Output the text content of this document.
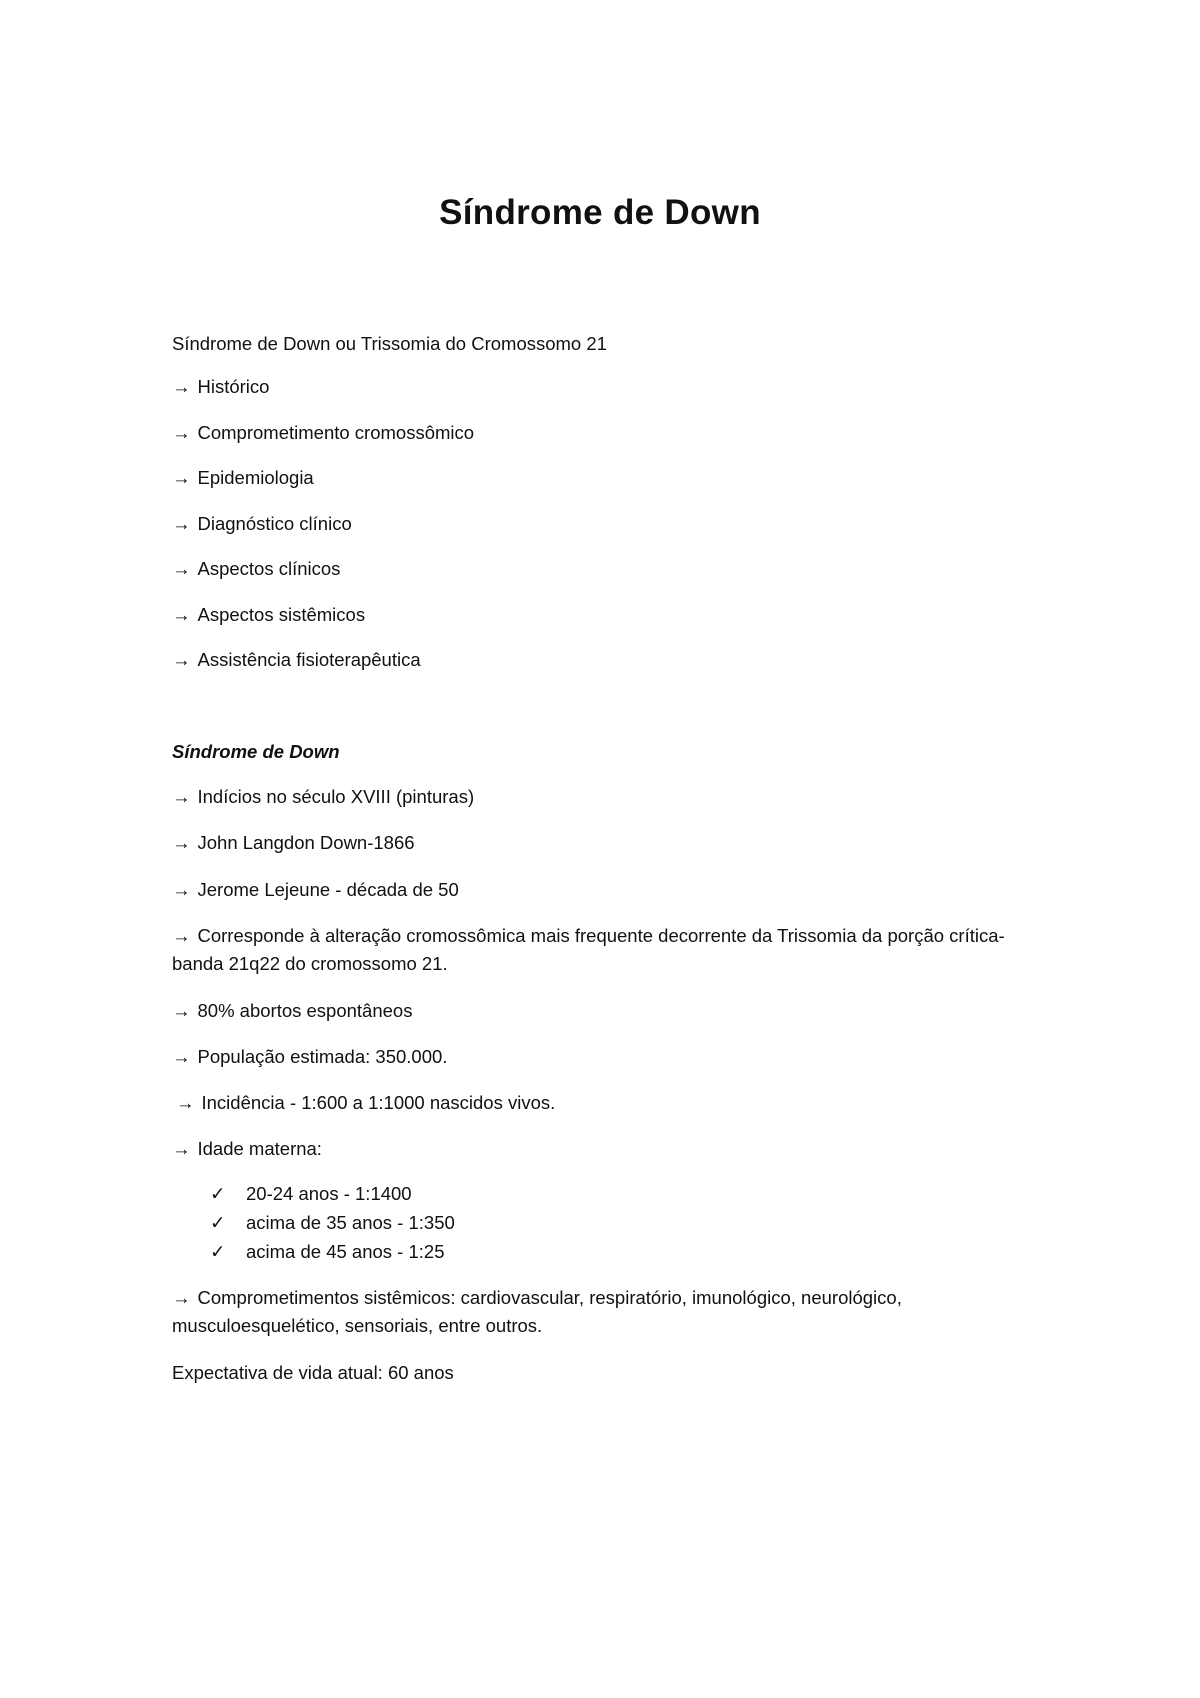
Síndrome de Down
Síndrome de Down ou Trissomia do Cromossomo 21
→ Histórico
→ Comprometimento cromossômico
→ Epidemiologia
→ Diagnóstico clínico
→ Aspectos clínicos
→ Aspectos sistêmicos
→ Assistência fisioterapêutica
Síndrome de Down
→ Indícios no século XVIII (pinturas)
→ John Langdon Down-1866
→ Jerome Lejeune - década de 50
→ Corresponde à alteração cromossômica mais frequente decorrente da Trissomia da porção crítica-banda 21q22 do cromossomo 21.
→ 80% abortos espontâneos
→ População estimada: 350.000.
→ Incidência - 1:600 a 1:1000 nascidos vivos.
→ Idade materna:
✓ 20-24 anos - 1:1400
✓ acima de 35 anos - 1:350
✓ acima de 45 anos - 1:25
→ Comprometimentos sistêmicos: cardiovascular, respiratório, imunológico, neurológico, musculoesquelético, sensoriais, entre outros.
Expectativa de vida atual: 60 anos
